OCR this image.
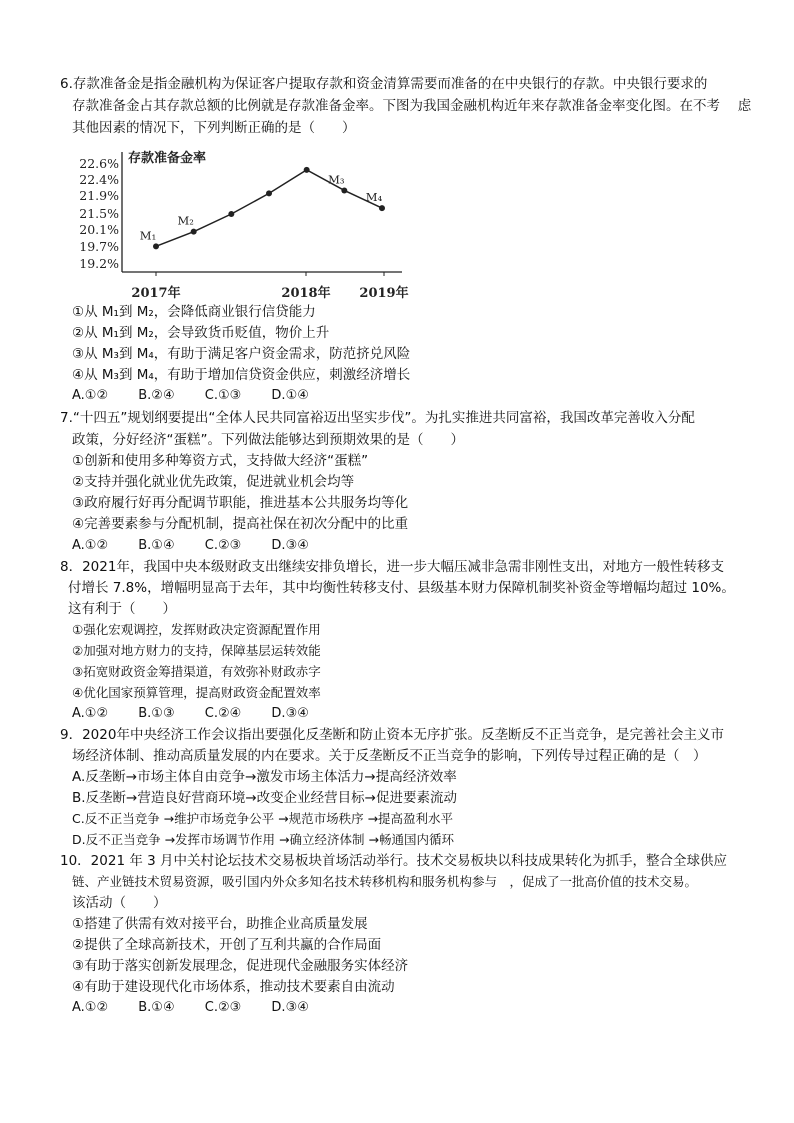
6.存款准备金是指金融机构为保证客户提取存款和资金清算需要而准备的在中央银行的存款。中央银行要求的
存款准备金占其存款总额的比例就是存款准备金率。下图为我国金融机构近年来存款准备金率变化图。在不考　 虑
其他因素的情况下，下列判断正确的是（　　）
22.6%
22.4%
21.9%
21.5%
20.1%
19.7%
19.2%
存款准备金率
2017年	2018年 2019年
M₁
M₂
M₃
M₄
①从 M₁到 M₂，会降低商业银行信贷能力
②从 M₁到 M₂，会导致货币贬值，物价上升
③从 M₃到 M₄，有助于满足客户资金需求，防范挤兑风险
④从 M₃到 M₄，有助于增加信贷资金供应，刺激经济增长
A.①② B.②④ C.①③ D.①④
7.“十四五”规划纲要提出“全体人民共同富裕迈出坚实步伐”。为扎实推进共同富裕，我国改革完善收入分配
政策，分好经济“蛋糕”。下列做法能够达到预期效果的是（　　）
①创新和使用多种筹资方式，支持做大经济“蛋糕”
②支持并强化就业优先政策，促进就业机会均等
③政府履行好再分配调节职能，推进基本公共服务均等化
④完善要素参与分配机制，提高社保在初次分配中的比重
A.①② B.①④ C.②③ D.③④
8．2021年，我国中央本级财政支出继续安排负增长，进一步大幅压减非急需非刚性支出，对地方一般性转移支
付增长 7.8%，增幅明显高于去年，其中均衡性转移支付、县级基本财力保障机制奖补资金等增幅均超过 10%。
这有利于（　　）
①强化宏观调控，发挥财政决定资源配置作用
②加强对地方财力的支持，保障基层运转效能
③拓宽财政资金筹措渠道，有效弥补财政赤字
④优化国家预算管理，提高财政资金配置效率
A.①② B.①③ C.②④ D.③④
9．2020年中央经济工作会议指出要强化反垄断和防止资本无序扩张。反垄断反不正当竞争，是完善社会主义市
场经济体制、推动高质量发展的内在要求。关于反垄断反不正当竞争的影响，下列传导过程正确的是（　）
A.反垄断→市场主体自由竞争→激发市场主体活力→提高经济效率
B.反垄断→营造良好营商环境→改变企业经营目标→促进要素流动
C.反不正当竞争 →维护市场竞争公平 →规范市场秩序 →提高盈利水平
D.反不正当竞争 →发挥市场调节作用 →确立经济体制 →畅通国内循环
10．2021 年 3 月中关村论坛技术交易板块首场活动举行。技术交易板块以科技成果转化为抓手，整合全球供应
链、产业链技术贸易资源，吸引国内外众多知名技术转移机构和服务机构参与　，促成了一批高价值的技术交易。
该活动（　　）
①搭建了供需有效对接平台，助推企业高质量发展
②提供了全球高新技术，开创了互利共赢的合作局面
③有助于落实创新发展理念，促进现代金融服务实体经济
④有助于建设现代化市场体系，推动技术要素自由流动
A.①② B.①④ C.②③ D.③④
